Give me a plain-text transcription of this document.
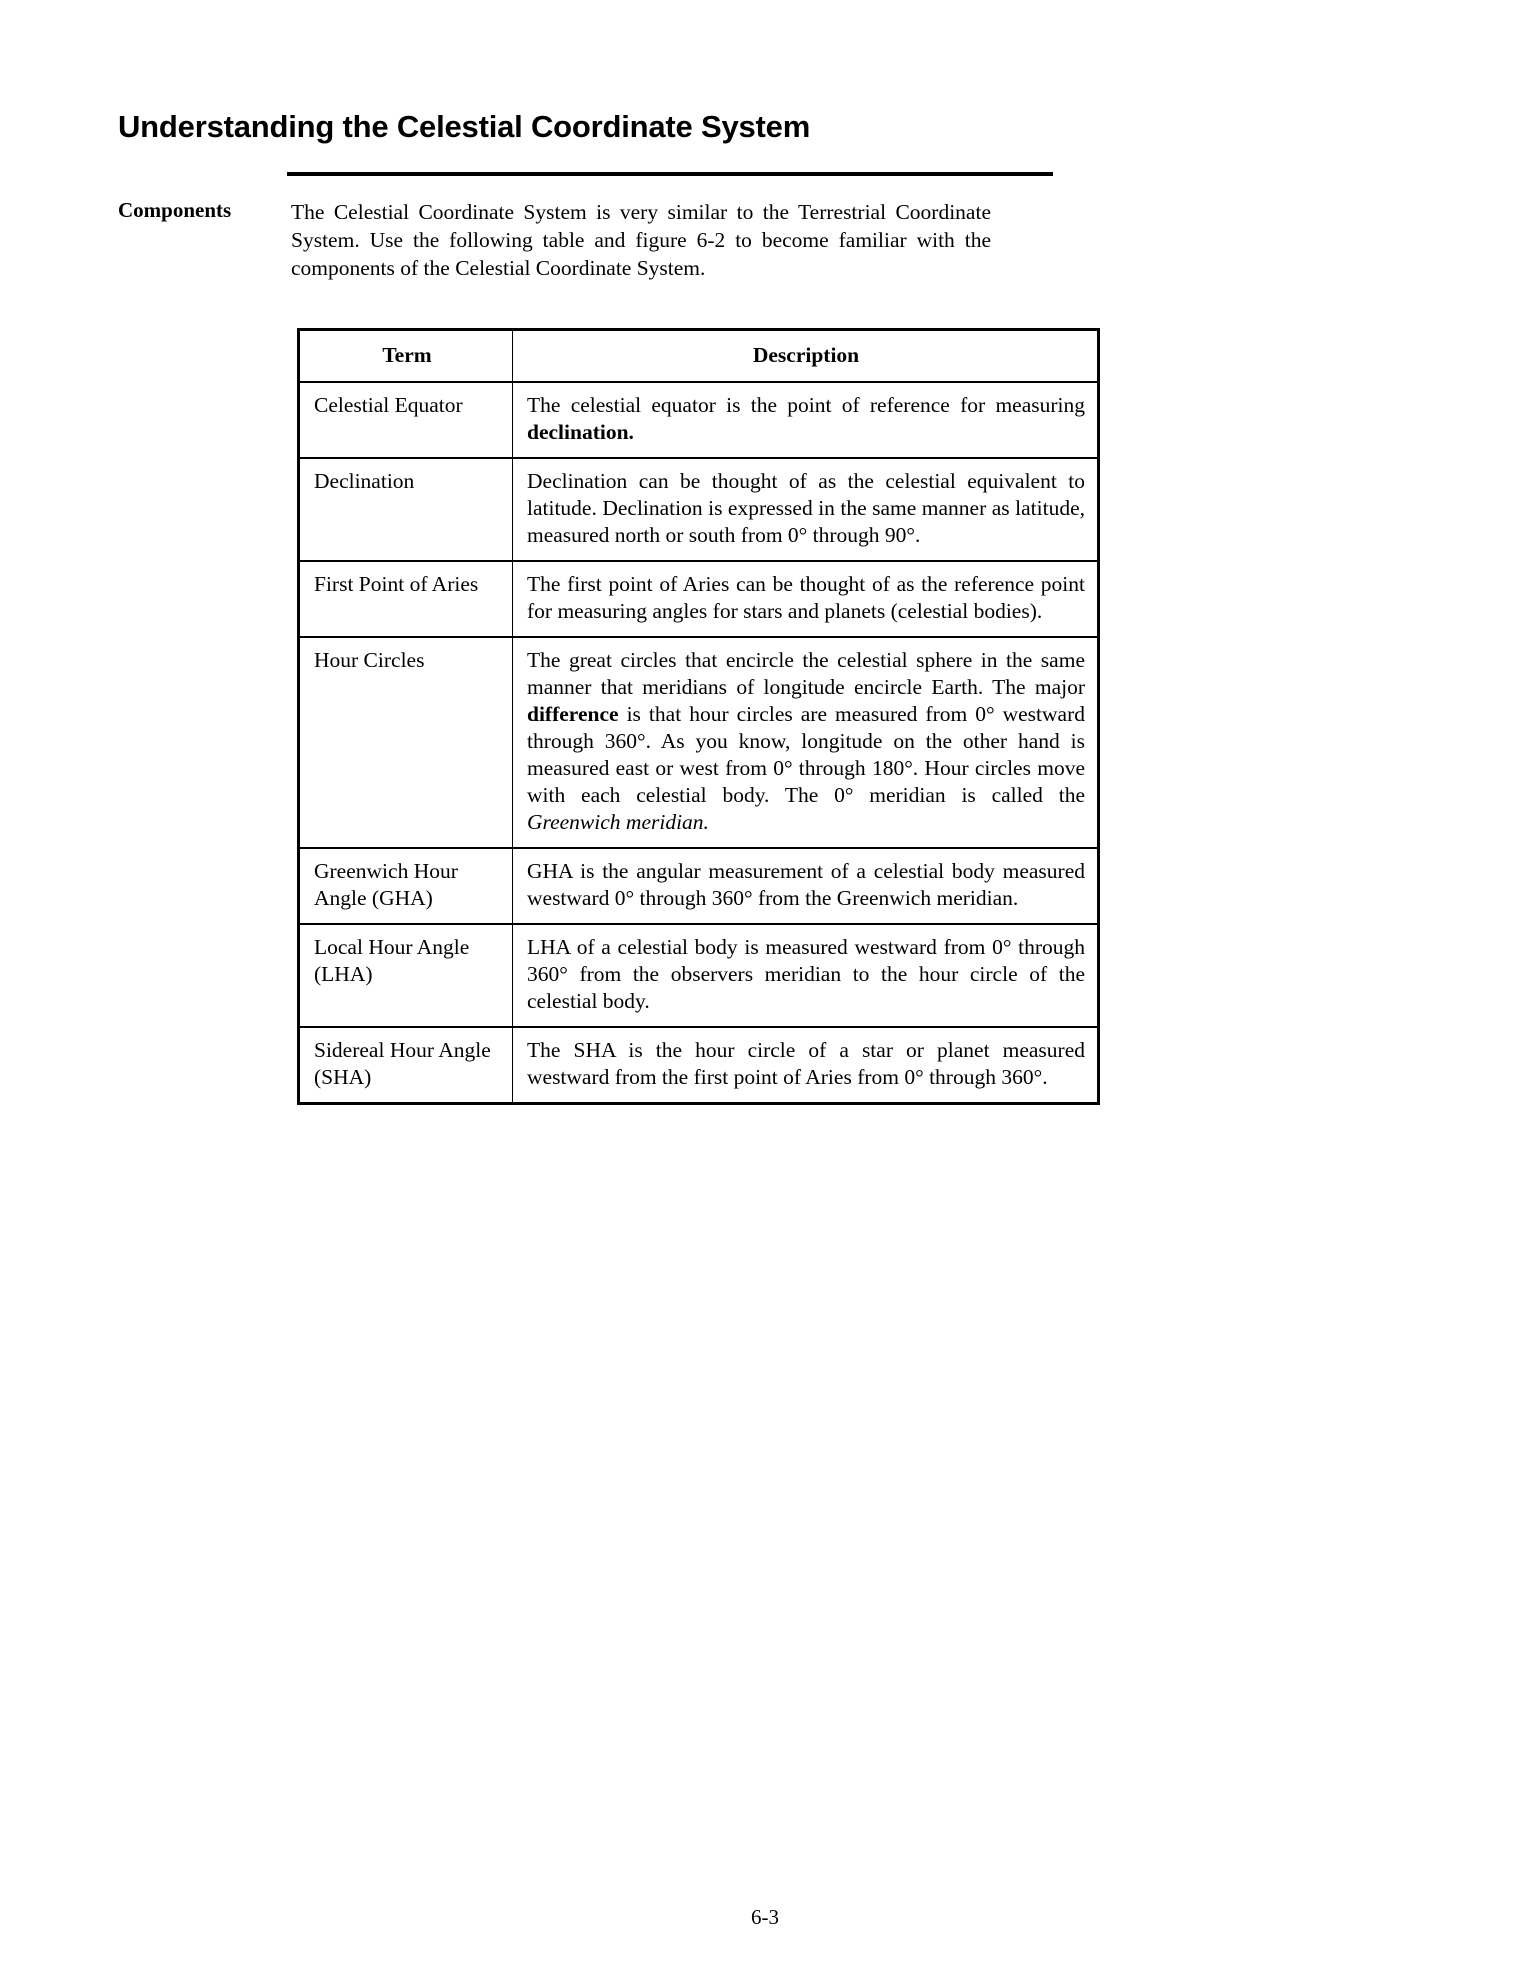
Understanding the Celestial Coordinate System
Components	The Celestial Coordinate System is very similar to the Terrestrial Coordinate System. Use the following table and figure 6-2 to become familiar with the components of the Celestial Coordinate System.
Term	Description
Celestial Equator	The celestial equator is the point of reference for measuring declination.
Declination	Declination can be thought of as the celestial equivalent to latitude. Declination is expressed in the same manner as latitude, measured north or south from 0° through 90°.
First Point of Aries	The first point of Aries can be thought of as the reference point for measuring angles for stars and planets (celestial bodies).
Hour Circles	The great circles that encircle the celestial sphere in the same manner that meridians of longitude encircle Earth. The major difference is that hour circles are measured from 0° westward through 360°. As you know, longitude on the other hand is measured east or west from 0° through 180°. Hour circles move with each celestial body. The 0° meridian is called the Greenwich meridian.
Greenwich Hour Angle (GHA)	GHA is the angular measurement of a celestial body measured westward 0° through 360° from the Greenwich meridian.
Local Hour Angle (LHA)	LHA of a celestial body is measured westward from 0° through 360° from the observers meridian to the hour circle of the celestial body.
Sidereal Hour Angle (SHA)	The SHA is the hour circle of a star or planet measured westward from the first point of Aries from 0° through 360°.
6-3
